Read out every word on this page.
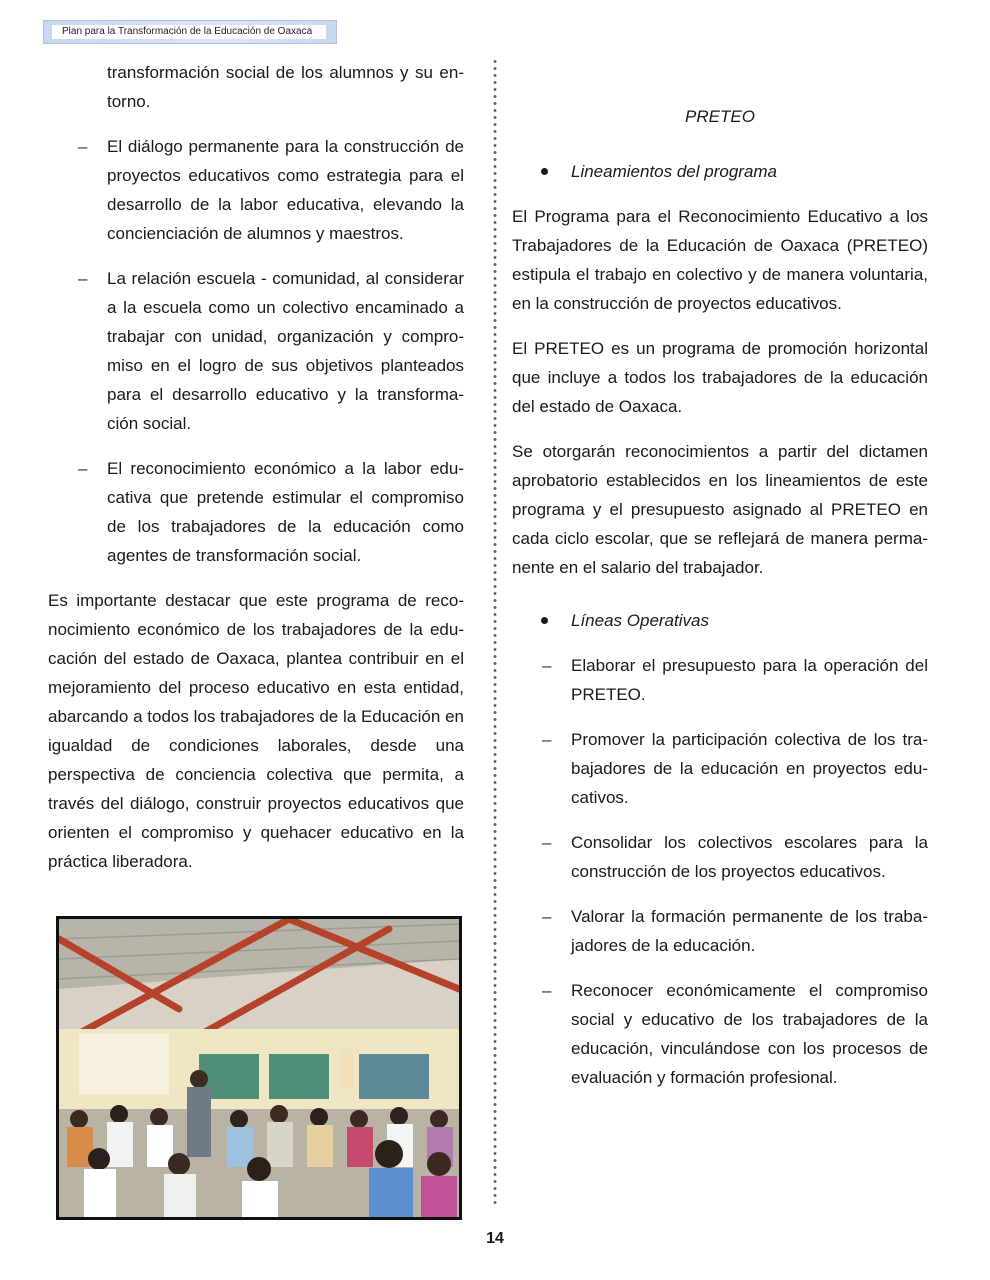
Plan para la Transformación de la Educación de Oaxaca

transformación social de los alumnos y su entorno.

– El diálogo permanente para la construcción de proyectos educativos como estrategia para el desarrollo de la labor educativa, elevando la concienciación de alumnos y maestros.
– La relación escuela - comunidad, al considerar a la escuela como un colectivo encaminado a trabajar con unidad, organización y compromiso en el logro de sus objetivos planteados para el desarrollo educativo y la transformación social.
– El reconocimiento económico a la labor educativa que pretende estimular el compromiso de los trabajadores de la educación como agentes de transformación social.

Es importante destacar que este programa de reconocimiento económico de los trabajadores de la educación del estado de Oaxaca, plantea contribuir en el mejoramiento del proceso educativo en esta entidad, abarcando a todos los trabajadores de la Educación en igualdad de condiciones laborales, desde una perspectiva de conciencia colectiva que permita, a través del diálogo, construir proyectos educativos que orienten el compromiso y quehacer educativo en la práctica liberadora.

PRETEO

Lineamientos del programa

El Programa para el Reconocimiento Educativo a los Trabajadores de la Educación de Oaxaca (PRETEO) estipula el trabajo en colectivo y de manera voluntaria, en la construcción de proyectos educativos.

El PRETEO es un programa de promoción horizontal que incluye a todos los trabajadores de la educación del estado de Oaxaca.

Se otorgarán reconocimientos a partir del dictamen aprobatorio establecidos en los lineamientos de este programa y el presupuesto asignado al PRETEO en cada ciclo escolar, que se reflejará de manera permanente en el salario del trabajador.

Líneas Operativas
– Elaborar el presupuesto para la operación del PRETEO.
– Promover la participación colectiva de los trabajadores de la educación en proyectos educativos.
– Consolidar los colectivos escolares para la construcción de los proyectos educativos.
– Valorar la formación permanente de los trabajadores de la educación.
– Reconocer económicamente el compromiso social y educativo de los trabajadores de la educación, vinculándose con los procesos de evaluación y formación profesional.
14
